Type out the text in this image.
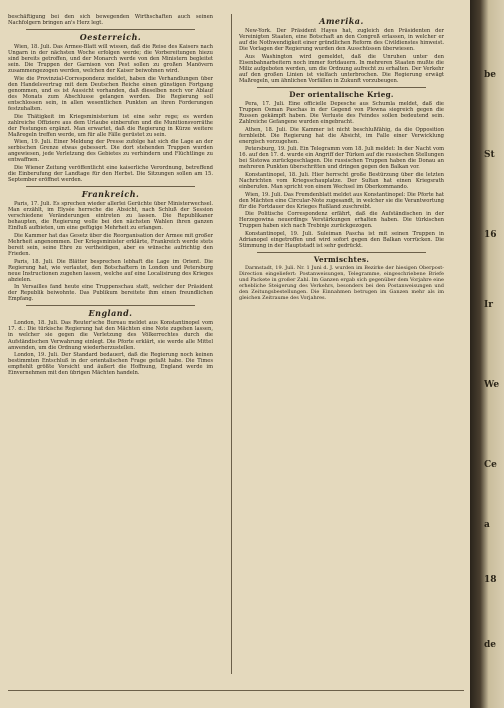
beschäftigung bei den sich bewegenden Wirthschaften auch seinen Nachfolgern bringen an's Herz legt.

Oesterreich.

Wien, 18. Juli. Das Armee-Blatt will wissen, daß die Reise des Kaisers nach Ungarn in der nächsten Woche erfolgen werde; die Vorbereitungen hiezu sind bereits getroffen, und der Monarch werde von den Ministern begleitet sein. Die Truppen der Garnison von Pest sollen zu großen Manövern zusammengezogen werden, welchen der Kaiser beiwohnen wird.

Wie die Provinzial-Correspondenz meldet, haben die Verhandlungen über den Handelsvertrag mit dem Deutschen Reiche einen günstigen Fortgang genommen, und es ist Aussicht vorhanden, daß dieselben noch vor Ablauf des Monats zum Abschlusse gelangen werden. Die Regierung soll entschlossen sein, in allen wesentlichen Punkten an ihren Forderungen festzuhalten.

Die Thätigkeit im Kriegsministerium ist eine sehr rege; es werden zahlreiche Offiziere aus dem Urlaube einberufen und die Munitionsvorräthe der Festungen ergänzt. Man erwartet, daß die Regierung in Kürze weitere Maßregeln treffen werde, um für alle Fälle gerüstet zu sein.

Wien, 19. Juli. Einer Meldung der Presse zufolge hat sich die Lage an der serbischen Grenze etwas gebessert. Die dort stehenden Truppen wurden angewiesen, jede Verletzung des Gebietes zu verhindern und Flüchtlinge zu entwaffnen.

Die Wiener Zeitung veröffentlicht eine kaiserliche Verordnung, betreffend die Einberufung der Landtage für den Herbst. Die Sitzungen sollen am 15. September eröffnet werden.

Frankreich.

Paris, 17. Juli. Es sprechen wieder allerlei Gerüchte über Ministerwechsel. Man erzählt, im Elysée herrsche die Absicht, nach Schluß der Session verschiedene Veränderungen eintreten zu lassen. Die Republikaner behaupten, die Regierung wolle bei den nächsten Wahlen ihren ganzen Einfluß aufbieten, um eine gefügige Mehrheit zu erlangen.

Die Kammer hat das Gesetz über die Reorganisation der Armee mit großer Mehrheit angenommen. Der Kriegsminister erklärte, Frankreich werde stets bereit sein, seine Ehre zu vertheidigen, aber es wünsche aufrichtig den Frieden.

Paris, 18. Juli. Die Blätter besprechen lebhaft die Lage im Orient. Die Regierung hat, wie verlautet, den Botschaftern in London und Petersburg neue Instructionen zugehen lassen, welche auf eine Localisirung des Krieges abzielen.

In Versailles fand heute eine Truppenschau statt, welcher der Präsident der Republik beiwohnte. Das Publikum bereitete ihm einen freundlichen Empfang.

England.

London, 18. Juli. Das Reuter'sche Bureau meldet aus Konstantinopel vom 17. d.: Die türkische Regierung hat den Mächten eine Note zugehen lassen, in welcher sie gegen die Verletzung des Völkerrechtes durch die Aufständischen Verwahrung einlegt. Die Pforte erklärt, sie werde alle Mittel anwenden, um die Ordnung wiederherzustellen.

London, 19. Juli. Der Standard bedauert, daß die Regierung noch keinen bestimmten Entschluß in der orientalischen Frage gefaßt habe. Die Times empfiehlt größte Vorsicht und äußert die Hoffnung, England werde im Einvernehmen mit den übrigen Mächten handeln.

Amerika.

New-York. Der Präsident Hayes hat, zugleich den Präsidenten der Vereinigten Staaten, eine Botschaft an den Congreß erlassen, in welcher er auf die Nothwendigkeit einer gründlichen Reform des Civildienstes hinweist. Die Vorlagen der Regierung wurden den Ausschüssen überwiesen.

Aus Washington wird gemeldet, daß die Unruhen unter den Eisenbahnarbeitern noch immer fortdauern. In mehreren Staaten mußte die Miliz aufgeboten werden, um die Ordnung aufrecht zu erhalten. Der Verkehr auf den großen Linien ist vielfach unterbrochen. Die Regierung erwägt Maßregeln, um ähnlichen Vorfällen in Zukunft vorzubeugen.

Der orientalische Krieg.

Pera, 17. Juli. Eine officielle Depesche aus Schumla meldet, daß die Truppen Osman Paschas in der Gegend von Plewna siegreich gegen die Russen gekämpft haben. Die Verluste des Feindes sollen bedeutend sein. Zahlreiche Gefangene wurden eingebracht.

Athen, 18. Juli. Die Kammer ist nicht beschlußfähig, da die Opposition fernbleibt. Die Regierung hat die Absicht, im Falle einer Verwicklung energisch vorzugehen.

Petersburg, 19. Juli. Ein Telegramm vom 18. Juli meldet: In der Nacht vom 16. auf den 17. d. wurde ein Angriff der Türken auf die russischen Stellungen bei Sistowa zurückgeschlagen. Die russischen Truppen haben die Donau an mehreren Punkten überschritten und dringen gegen den Balkan vor.

Konstantinopel, 18. Juli. Hier herrscht große Bestürzung über die letzten Nachrichten vom Kriegsschauplatze. Der Sultan hat einen Kriegsrath einberufen. Man spricht von einem Wechsel im Oberkommando.

Wien, 19. Juli. Das Fremdenblatt meldet aus Konstantinopel: Die Pforte hat den Mächten eine Circular-Note zugesandt, in welcher sie die Verantwortung für die Fortdauer des Krieges Rußland zuschreibt.

Die Politische Correspondenz erfährt, daß die Aufständischen in der Herzegowina neuerdings Verstärkungen erhalten haben. Die türkischen Truppen haben sich nach Trebinje zurückgezogen.

Konstantinopel, 19. Juli. Suleiman Pascha ist mit seinen Truppen in Adrianopel eingetroffen und wird sofort gegen den Balkan vorrücken. Die Stimmung in der Hauptstadt ist sehr gedrückt.

Vermischtes.

Darmstadt, 19. Juli. Nr. 1 Juni d. J. wurden im Bezirke der hiesigen Oberpost-Direction eingeliefert: Postanweisungen, Telegramme, eingeschriebene Briefe und Packete in großer Zahl. Im Ganzen ergab sich gegenüber dem Vorjahre eine erhebliche Steigerung des Verkehrs, besonders bei den Postanweisungen und den Zeitungsbestellungen. Die Einnahmen betrugen im Ganzen mehr als im gleichen Zeitraume des Vorjahres.

be
St
16
Ir
We
Ce
a
18
de
